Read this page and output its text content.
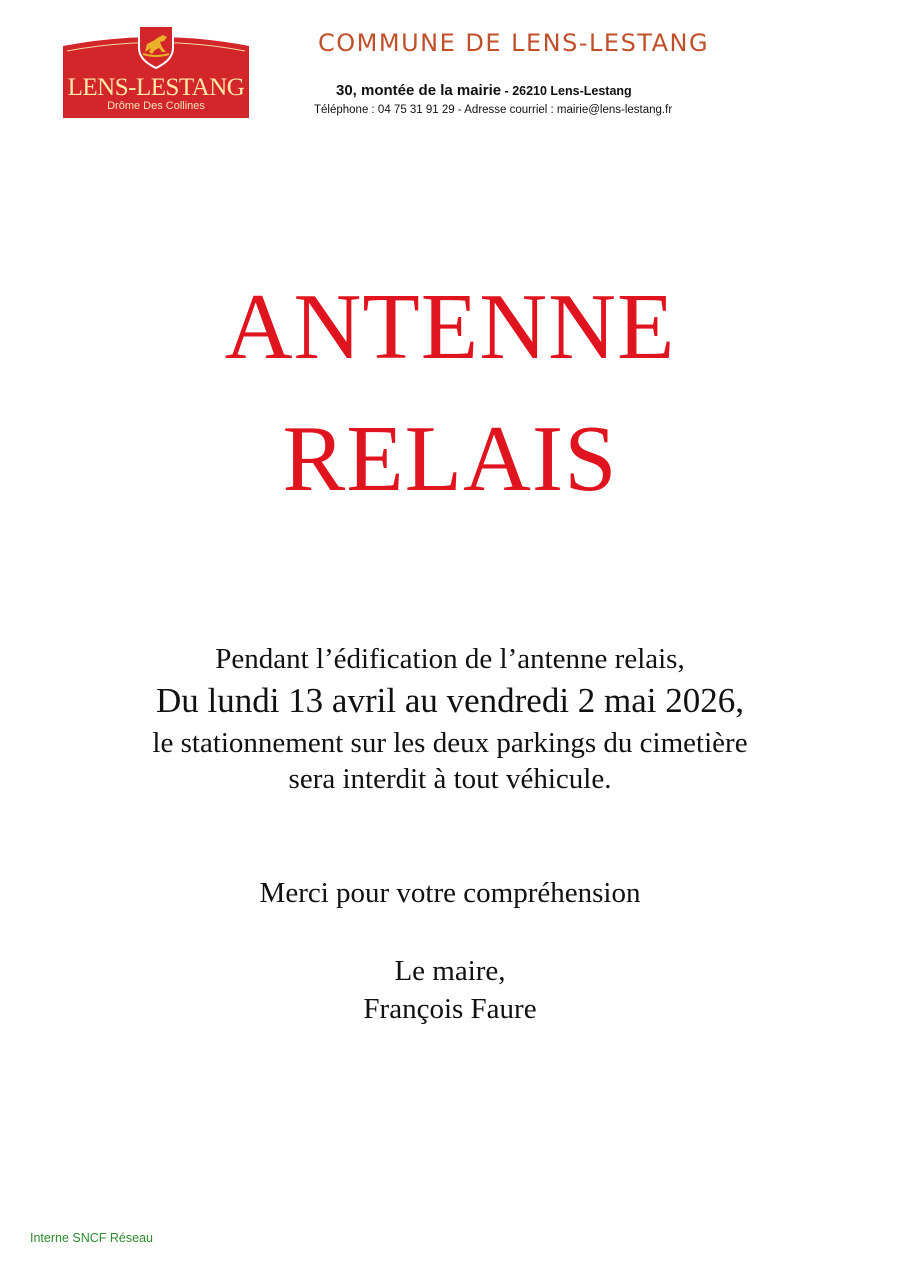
LENS-LESTANG
Drôme Des Collines
COMMUNE DE LENS-LESTANG
30, montée de la mairie - 26210 Lens-Lestang
Téléphone : 04 75 31 91 29 - Adresse courriel : mairie@lens-lestang.fr
ANTENNE
RELAIS
Pendant l’édification de l’antenne relais,
Du lundi 13 avril au vendredi 2 mai 2026,
le stationnement sur les deux parkings du cimetière
sera interdit à tout véhicule.
Merci pour votre compréhension
Le maire,
François Faure
Interne SNCF Réseau
